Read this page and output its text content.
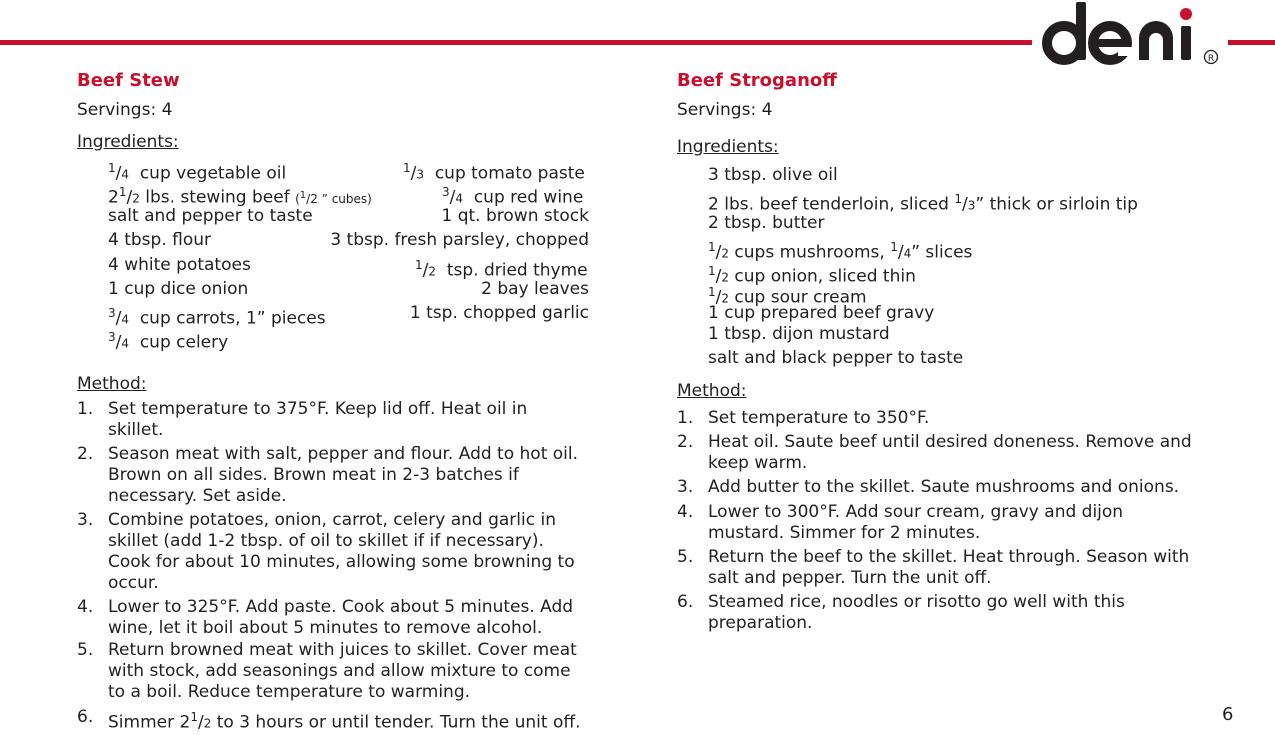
R
Beef Stew
Servings: 4
Ingredients:
$^1$/4 cup vegetable oil	$^1$/3 cup tomato paste
$2^1/2$ lbs. stewing beef ($^1$/2 ” cubes)	$^3$/4 cup red wine
salt and pepper to taste	1 qt. brown stock
4 tbsp. flour	3 tbsp. fresh parsley, chopped
4 white potatoes	$^1$/2 tsp. dried thyme
1 cup dice onion	2 bay leaves
$^3$/4 cup carrots, 1” pieces	1 tsp. chopped garlic
$^3$/4 cup celery
Method:
1. Set temperature to 375°F. Keep lid off. Heat oil in skillet.
2. Season meat with salt, pepper and flour. Add to hot oil. Brown on all sides. Brown meat in 2-3 batches if necessary. Set aside.
3. Combine potatoes, onion, carrot, celery and garlic in skillet (add 1-2 tbsp. of oil to skillet if if necessary). Cook for about 10 minutes, allowing some browning to occur.
4. Lower to 325°F. Add paste. Cook about 5 minutes. Add wine, let it boil about 5 minutes to remove alcohol.
5. Return browned meat with juices to skillet. Cover meat with stock, add seasonings and allow mixture to come to a boil. Reduce temperature to warming.
6. Simmer $2^1/2$ to 3 hours or until tender. Turn the unit off.
Beef Stroganoff
Servings: 4
Ingredients:
3 tbsp. olive oil
2 lbs. beef tenderloin, sliced $^1$/3” thick or sirloin tip
2 tbsp. butter
$^1$/2 cups mushrooms, $^1$/4” slices
$^1$/2 cup onion, sliced thin
$^1$/2 cup sour cream
1 cup prepared beef gravy
1 tbsp. dijon mustard
salt and black pepper to taste
Method:
1. Set temperature to 350°F.
2. Heat oil. Saute beef until desired doneness. Remove and keep warm.
3. Add butter to the skillet. Saute mushrooms and onions.
4. Lower to 300°F. Add sour cream, gravy and dijon mustard. Simmer for 2 minutes.
5. Return the beef to the skillet. Heat through. Season with salt and pepper. Turn the unit off.
6. Steamed rice, noodles or risotto go well with this preparation.
6
